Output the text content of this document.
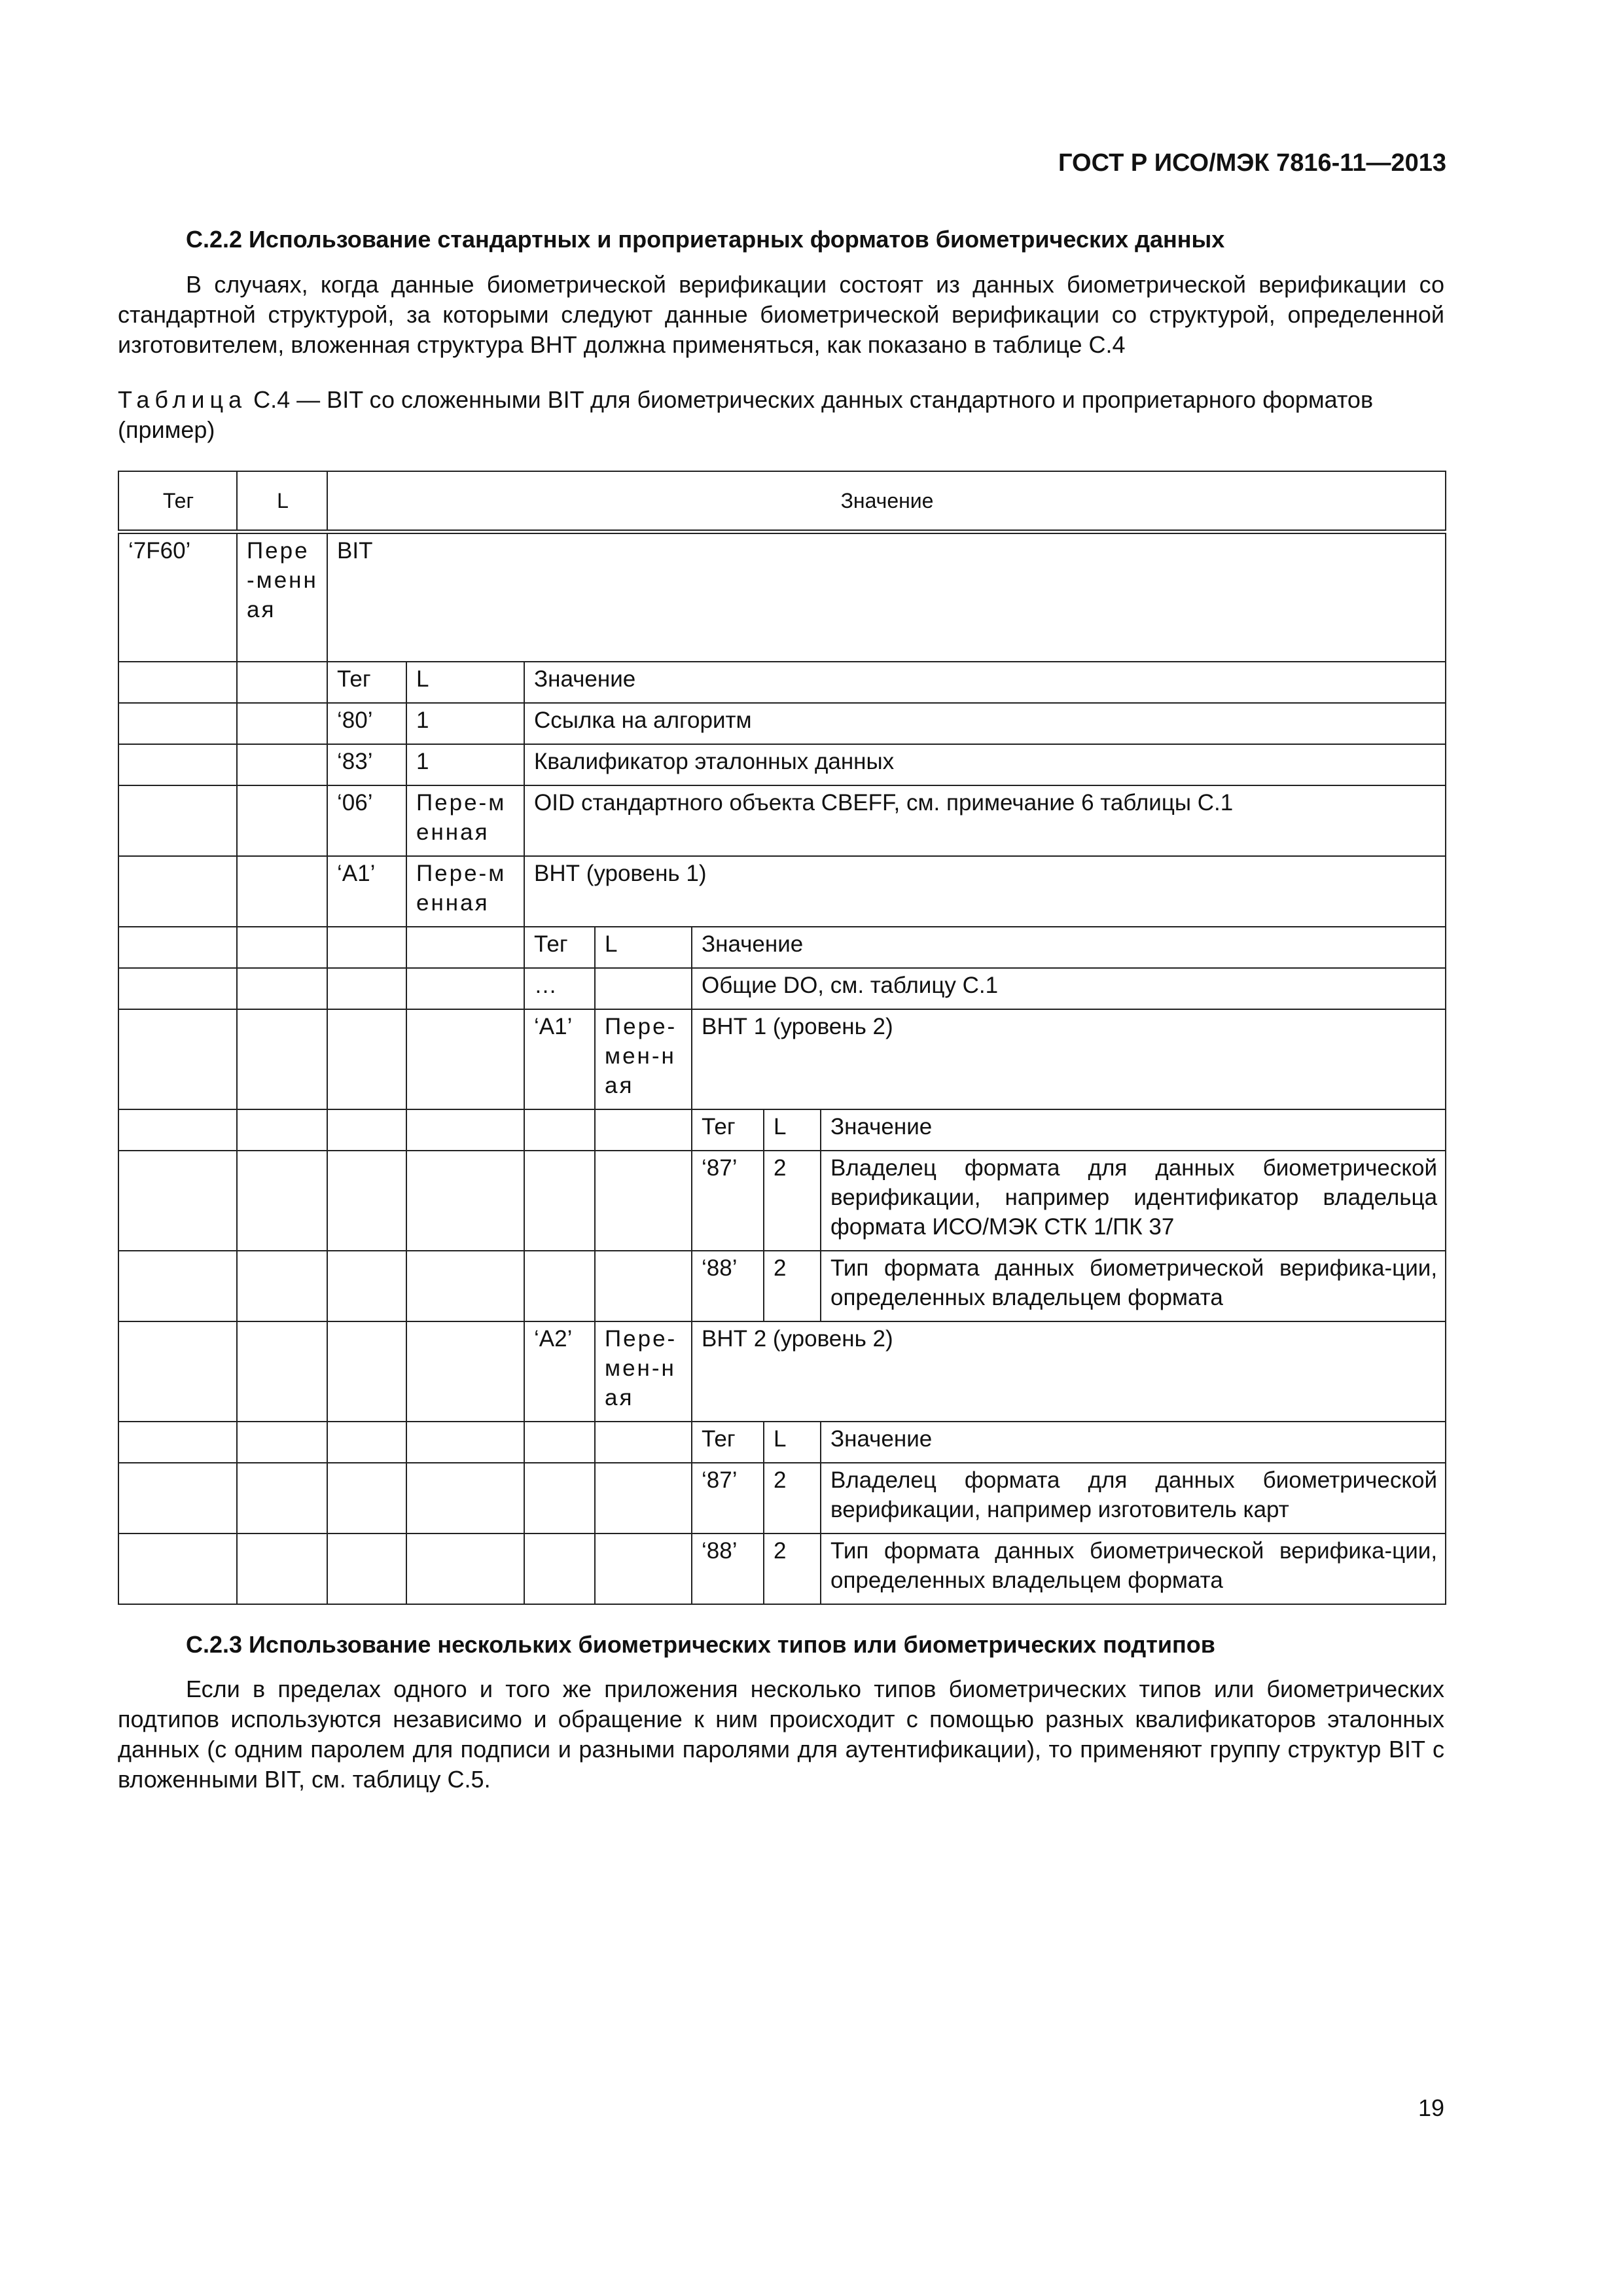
ГОСТ Р ИСО/МЭК 7816-11—2013
С.2.2 Использование стандартных и проприетарных форматов биометрических данных

В случаях, когда данные биометрической верификации состоят из данных биометрической верификации со стандартной структурой, за которыми следуют данные биометрической верификации со структурой, определенной изготовителем, вложенная структура ВНТ должна применяться, как показано в таблице С.4

Таблица С.4 — BIT со сложенными BIT для биометрических данных стандартного и проприетарного форматов (пример)

Тег	L	Значение						
‘7F60’	Пере-менная	BIT						
		Тег	L	Значение				
		‘80’	1	Ссылка на алгоритм				
		‘83’	1	Квалификатор эталонных данных				
		‘06’	Пере-менная	OID стандартного объекта CBEFF, см. примечание 6 таблицы С.1				
		‘A1’	Пере-менная	ВНТ (уровень 1)				
				Тег	L	Значение		
				…		Общие DO, см. таблицу С.1		
				‘A1’	Пере-мен-ная	ВНТ 1 (уровень 2)		
						Тег	L	Значение
						‘87’	2	Владелец формата для данных биометрической верификации, например идентификатор владельца формата ИСО/МЭК СТК 1/ПК 37
						‘88’	2	Тип формата данных биометрической верифика-ции, определенных владельцем формата
				‘A2’	Пере-мен-ная	ВНТ 2 (уровень 2)		
						Тег	L	Значение
						‘87’	2	Владелец формата для данных биометрической верификации, например изготовитель карт
						‘88’	2	Тип формата данных биометрической верифика-ции, определенных владельцем формата
С.2.3 Использование нескольких биометрических типов или биометрических подтипов

Если в пределах одного и того же приложения несколько типов биометрических типов или биометрических подтипов используются независимо и обращение к ним происходит с помощью разных квалификаторов эталонных данных (с одним паролем для подписи и разными паролями для аутентификации), то применяют группу структур BIT с вложенными BIT, см. таблицу С.5.

19
